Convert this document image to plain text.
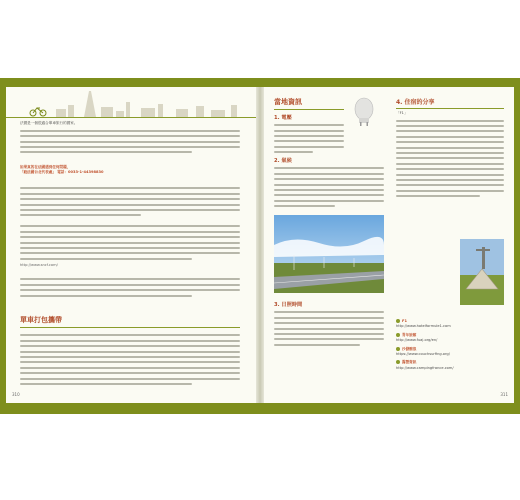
法國是一個很適合單車旅行的國家。
如果真的在法國遇到任何問題，
「駐法國台北代表處」 電話：0033-1-44398830
http://www.sncf.com/
單車打包攜帶
310
當地資訊
1. 電壓
2. 氣候
3. 日照時間
4. 住宿的分享
「F1」
F1
http://www.hotelformule1.com
青年旅館
http://www.fuaj.org/en/
沙發衝浪
https://www.couchsurfing.org/
露營資訊
http://www.campingfrance.com/
311
